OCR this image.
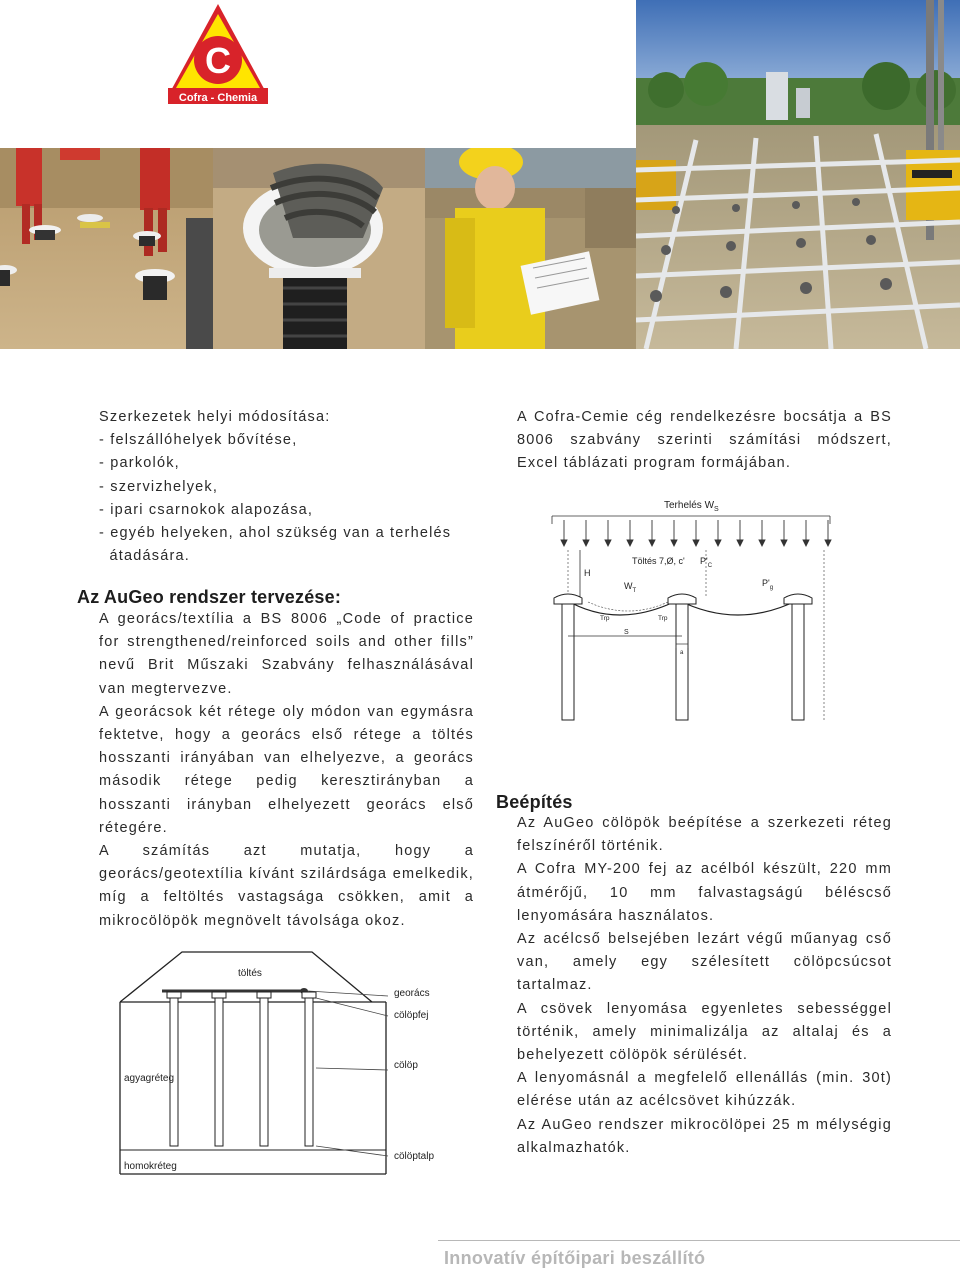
C
Cofra - Chemia

Szerkezetek helyi módosítása:

- felszállóhelyek bővítése,

- parkolók,

- szervizhelyek,

- ipari csarnokok alapozása,

- egyéb helyeken, ahol szükség van a terhelés

átadására.

Az AuGeo rendszer tervezése:

A georács/textília a BS 8006 „Code of practice for strengthened/reinforced soils and other fills” nevű Brit Műszaki Szabvány felhasználásával van megtervezve.

A georácsok két rétege oly módon van egymásra fektetve, hogy a georács első rétege a töltés hosszanti irányában van elhelyezve, a georács második rétege pedig keresztirányban a hosszanti irányban elhelyezett georács első rétegére.

A számítás azt mutatja, hogy a georács/geotextília kívánt szilárdsága emelkedik, míg a feltöltés vastagsága csökken, amit a mikrocölöpök megnövelt távolsága okoz.

töltés
georács
cölöpfej
cölöp
agyagréteg
cölöptalp
homokréteg

A Cofra-Cemie cég rendelkezésre bocsátja a BS 8006 szabvány szerinti számítási módszert, Excel táblázati program formájában.

Terhelés $W_S$
Töltés 7,Ø, c' $P'_C$
$P'_g$
H
$W_T$
Trp	Trp
S
a
Beépítés

Az AuGeo cölöpök beépítése a szerkezeti réteg felszínéről történik.

A Cofra MY-200 fej az acélból készült, 220 mm átmérőjű, 10 mm falvastagságú béléscső lenyomására használatos.

Az acélcső belsejében lezárt végű műanyag cső van, amely egy szélesített cölöpcsúcsot tartalmaz.

A csövek lenyomása egyenletes sebességgel történik, amely minimalizálja az altalaj és a behelyezett cölöpök sérülését.

A lenyomásnál a megfelelő ellenállás (min. 30t) elérése után az acélcsövet kihúzzák.

Az AuGeo rendszer mikrocölöpei 25 m mélységig alkalmazhatók.

Innovatív építőipari beszállító
